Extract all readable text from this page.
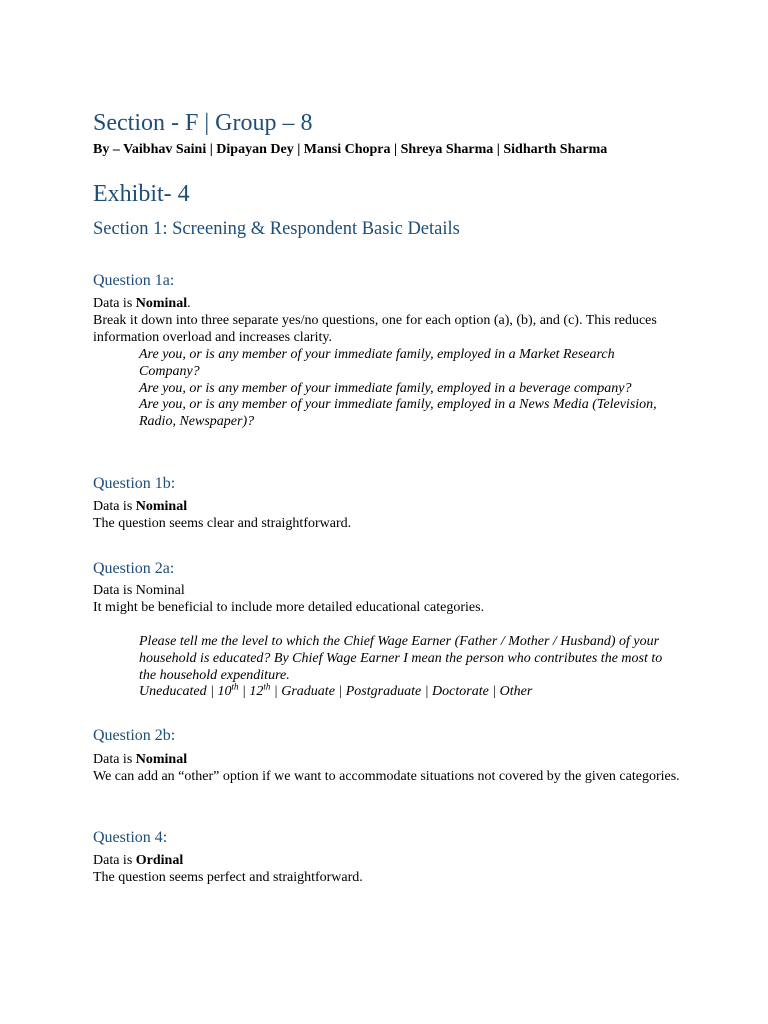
Section - F | Group – 8

By – Vaibhav Saini | Dipayan Dey | Mansi Chopra | Shreya Sharma | Sidharth Sharma

Exhibit- 4
Section 1: Screening & Respondent Basic Details
Question 1a:

Data is Nominal.

Break it down into three separate yes/no questions, one for each option (a), (b), and (c). This reduces information overload and increases clarity.

Are you, or is any member of your immediate family, employed in a Market Research Company?

Are you, or is any member of your immediate family, employed in a beverage company?

Are you, or is any member of your immediate family, employed in a News Media (Television, Radio, Newspaper)?

Question 1b:

Data is Nominal

The question seems clear and straightforward.

Question 2a:

Data is Nominal

It might be beneficial to include more detailed educational categories.

Please tell me the level to which the Chief Wage Earner (Father / Mother / Husband) of your household is educated? By Chief Wage Earner I mean the person who contributes the most to the household expenditure.

Uneducated | 10th | 12th | Graduate | Postgraduate | Doctorate | Other

Question 2b:

Data is Nominal

We can add an “other” option if we want to accommodate situations not covered by the given categories.

Question 4:

Data is Ordinal

The question seems perfect and straightforward.
